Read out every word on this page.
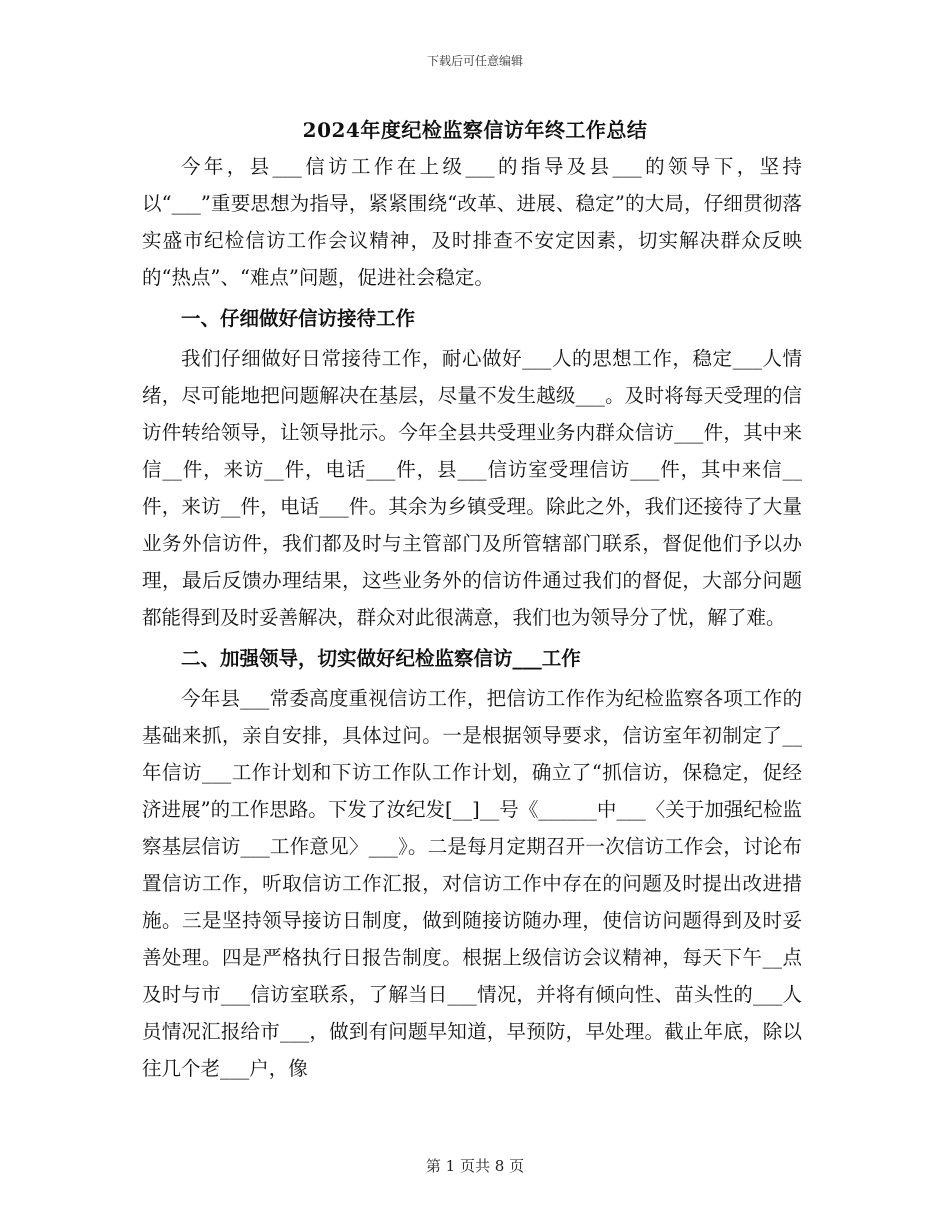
下载后可任意编辑
2024年度纪检监察信访年终工作总结

今年，县___信访工作在上级___的指导及县___的领导下，坚持以“___”重要思想为指导，紧紧围绕“改革、进展、稳定”的大局，仔细贯彻落实盛市纪检信访工作会议精神，及时排查不安定因素，切实解决群众反映的“热点”、“难点”问题，促进社会稳定。

一、仔细做好信访接待工作

我们仔细做好日常接待工作，耐心做好___人的思想工作，稳定___人情绪，尽可能地把问题解决在基层，尽量不发生越级___。及时将每天受理的信访件转给领导，让领导批示。今年全县共受理业务内群众信访___件，其中来信__件，来访__件，电话___件，县___信访室受理信访___件，其中来信__件，来访__件，电话___件。其余为乡镇受理。除此之外，我们还接待了大量业务外信访件，我们都及时与主管部门及所管辖部门联系，督促他们予以办理，最后反馈办理结果，这些业务外的信访件通过我们的督促，大部分问题都能得到及时妥善解决，群众对此很满意，我们也为领导分了忧，解了难。

二、加强领导，切实做好纪检监察信访___工作

今年县___常委高度重视信访工作，把信访工作作为纪检监察各项工作的基础来抓，亲自安排，具体过问。一是根据领导要求，信访室年初制定了__年信访___工作计划和下访工作队工作计划，确立了“抓信访，保稳定，促经济进展”的工作思路。下发了汝纪发[__]__号《______中___〈关于加强纪检监察基层信访___工作意见〉___》。二是每月定期召开一次信访工作会，讨论布置信访工作，听取信访工作汇报，对信访工作中存在的问题及时提出改进措施。三是坚持领导接访日制度，做到随接访随办理，使信访问题得到及时妥善处理。四是严格执行日报告制度。根据上级信访会议精神，每天下午__点及时与市___信访室联系，了解当日___情况，并将有倾向性、苗头性的___人员情况汇报给市___，做到有问题早知道，早预防，早处理。截止年底，除以往几个老___户，像

第 1 页共 8 页
